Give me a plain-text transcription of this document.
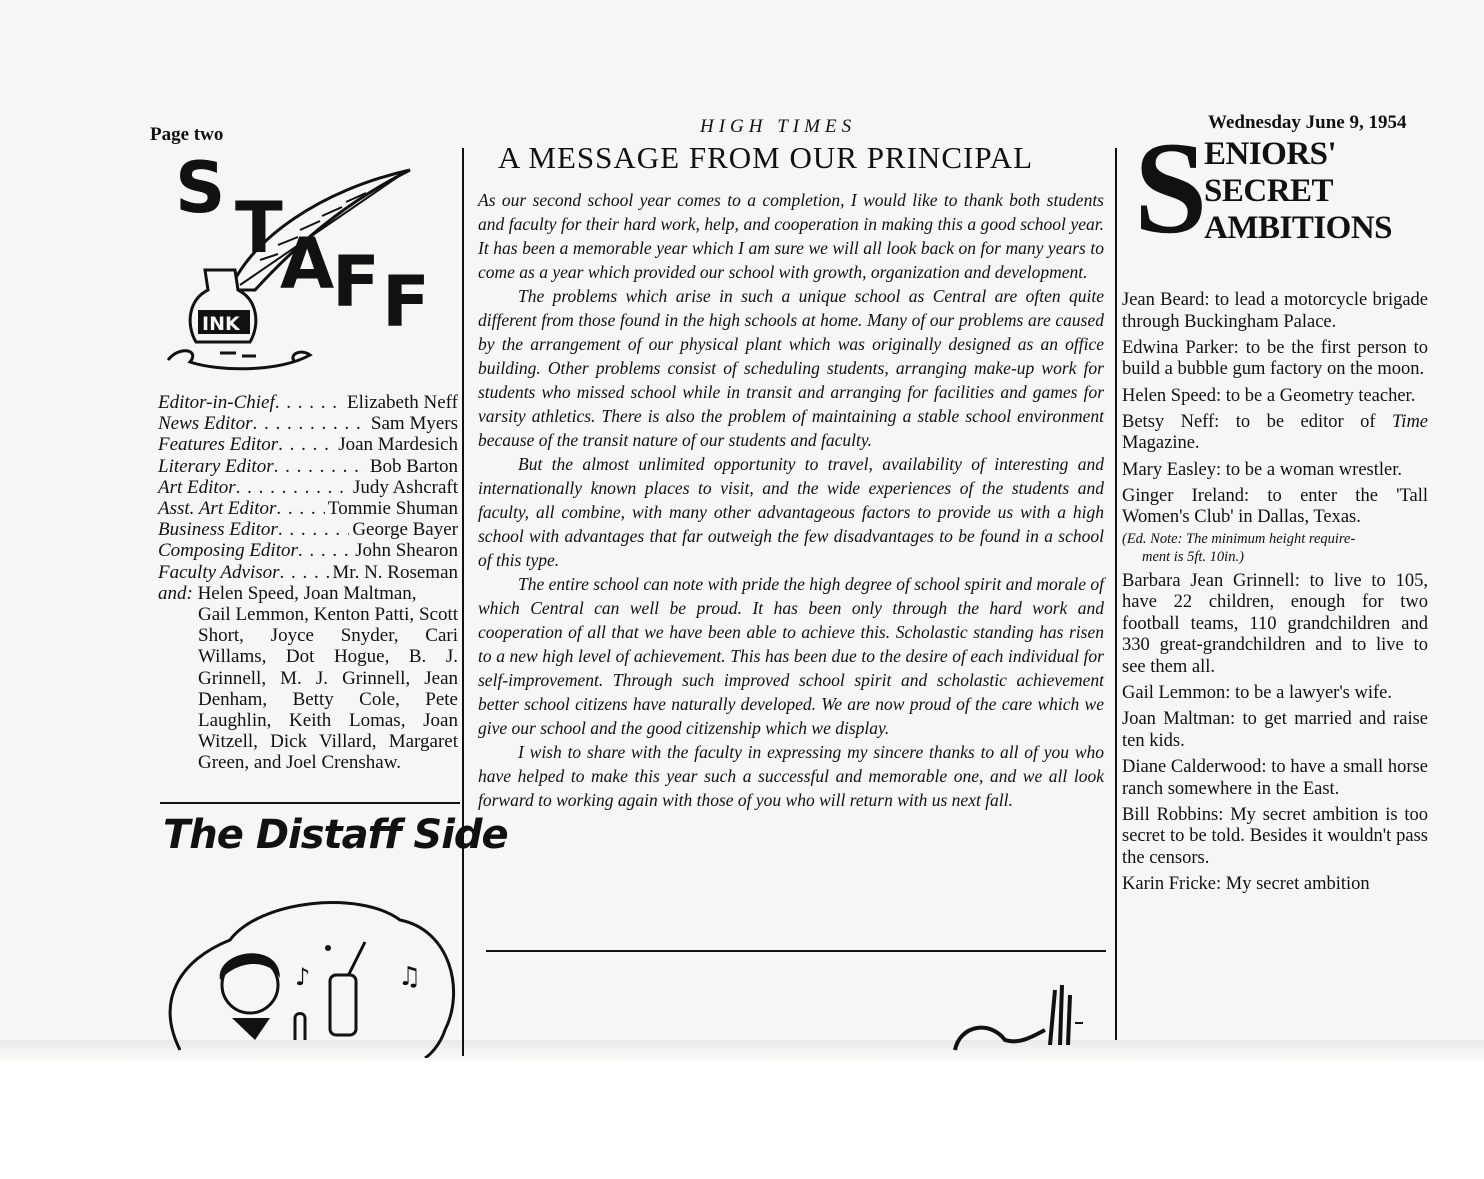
Page two	HIGH TIMES	Wednesday June 9, 1954
INK
S T
A
F F
Editor-in-Chief . . .	Elizabeth Neff
News Editor . . .	Sam Myers
Features Editor . . .	Joan Mardesich
Literary Editor . . .	Bob Barton
Art Editor . . .	Judy Ashcraft
Asst. Art Editor . . .	Tommie Shuman
Business Editor . . .	George Bayer
Composing Editor . . .	John Shearon
Faculty Advisor . . .	Mr. N. Roseman
and: Helen Speed, Joan Maltman,
Gail Lemmon, Kenton Patti, Scott Short, Joyce Snyder, Cari Willams, Dot Hogue, B. J. Grinnell, M. J. Grinnell, Jean Denham, Betty Cole, Pete Laughlin, Keith Lomas, Joan Witzell, Dick Villard, Margaret Green, and Joel Crenshaw.
The Distaff Side
♪	♫
A MESSAGE FROM OUR PRINCIPAL

As our second school year comes to a completion, I would like to thank both students and faculty for their hard work, help, and cooperation in making this a good school year. It has been a memorable year which I am sure we will all look back on for many years to come as a year which provided our school with growth, organization and development.

The problems which arise in such a unique school as Central are often quite different from those found in the high schools at home. Many of our problems are caused by the arrangement of our physical plant which was originally designed as an office building. Other problems consist of scheduling students, arranging make-up work for students who missed school while in transit and arranging for facilities and games for varsity athletics. There is also the problem of maintaining a stable school environment because of the transit nature of our students and faculty.

But the almost unlimited opportunity to travel, availability of interesting and internationally known places to visit, and the wide experiences of the students and faculty, all combine, with many other advantageous factors to provide us with a high school with advantages that far outweigh the few disadvantages to be found in a school of this type.

The entire school can note with pride the high degree of school spirit and morale of which Central can well be proud. It has been only through the hard work and cooperation of all that we have been able to achieve this. Scholastic standing has risen to a new high level of achievement. This has been due to the desire of each individual for self-improvement. Through such improved school spirit and scholastic achievement better school citizens have naturally developed. We are now proud of the care which we give our school and the good citizenship which we display.

I wish to share with the faculty in expressing my sincere thanks to all of you who have helped to make this year such a successful and memorable one, and we all look forward to working again with those of you who will return with us next fall.

S
ENIORS'
SECRET
AMBITIONS

Jean Beard: to lead a motorcycle brigade through Buckingham Palace.

Edwina Parker: to be the first person to build a bubble gum factory on the moon.

Helen Speed: to be a Geometry teacher.

Betsy Neff: to be editor of Time Magazine.

Mary Easley: to be a woman wrestler.

Ginger Ireland: to enter the 'Tall Women's Club' in Dallas, Texas.
(Ed. Note: The minimum height require-
ment is 5ft. 10in.)

Barbara Jean Grinnell: to live to 105, have 22 children, enough for two football teams, 110 grandchildren and 330 great-grandchildren and to live to see them all.

Gail Lemmon: to be a lawyer's wife.

Joan Maltman: to get married and raise ten kids.

Diane Calderwood: to have a small horse ranch somewhere in the East.

Bill Robbins: My secret ambition is too secret to be told. Besides it wouldn't pass the censors.

Karin Fricke: My secret ambition
